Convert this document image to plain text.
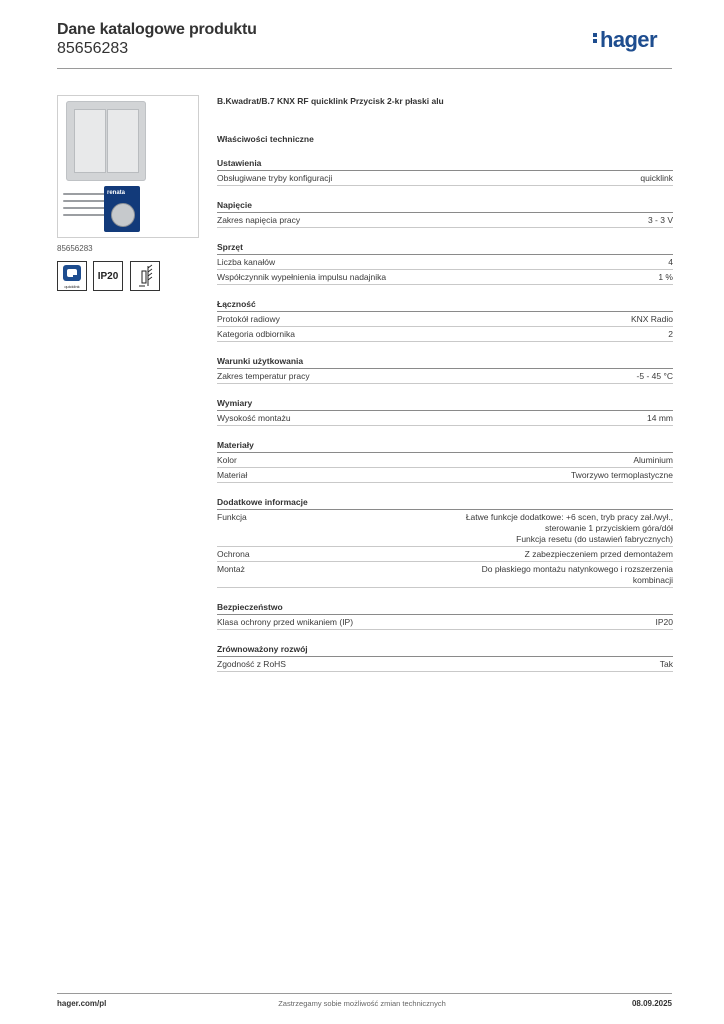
Dane katalogowe produktu
85656283	hager
renata
85656283
quicklink
IP20
B.Kwadrat/B.7 KNX RF quicklink Przycisk 2-kr płaski alu
Właściwości techniczne
Ustawienia
Obsługiwane tryby konfiguracji	quicklink
Napięcie
Zakres napięcia pracy	3 - 3 V
Sprzęt
Liczba kanałów	4
Współczynnik wypełnienia impulsu nadajnika	1 %
Łączność
Protokół radiowy	KNX Radio
Kategoria odbiornika	2
Warunki użytkowania
Zakres temperatur pracy	-5 - 45 °C
Wymiary
Wysokość montażu	14 mm
Materiały
Kolor	Aluminium
Materiał	Tworzywo termoplastyczne
Dodatkowe informacje
Funkcja	Łatwe funkcje dodatkowe: +6 scen, tryb pracy zał./wył.,
sterowanie 1 przyciskiem góra/dół
Funkcja resetu (do ustawień fabrycznych)
Ochrona	Z zabezpieczeniem przed demontażem
Montaż	Do płaskiego montażu natynkowego i rozszerzenia
kombinacji
Bezpieczeństwo
Klasa ochrony przed wnikaniem (IP)	IP20
Zrównoważony rozwój
Zgodność z RoHS	Tak
hager.com/pl	Zastrzegamy sobie możliwość zmian technicznych	08.09.2025
